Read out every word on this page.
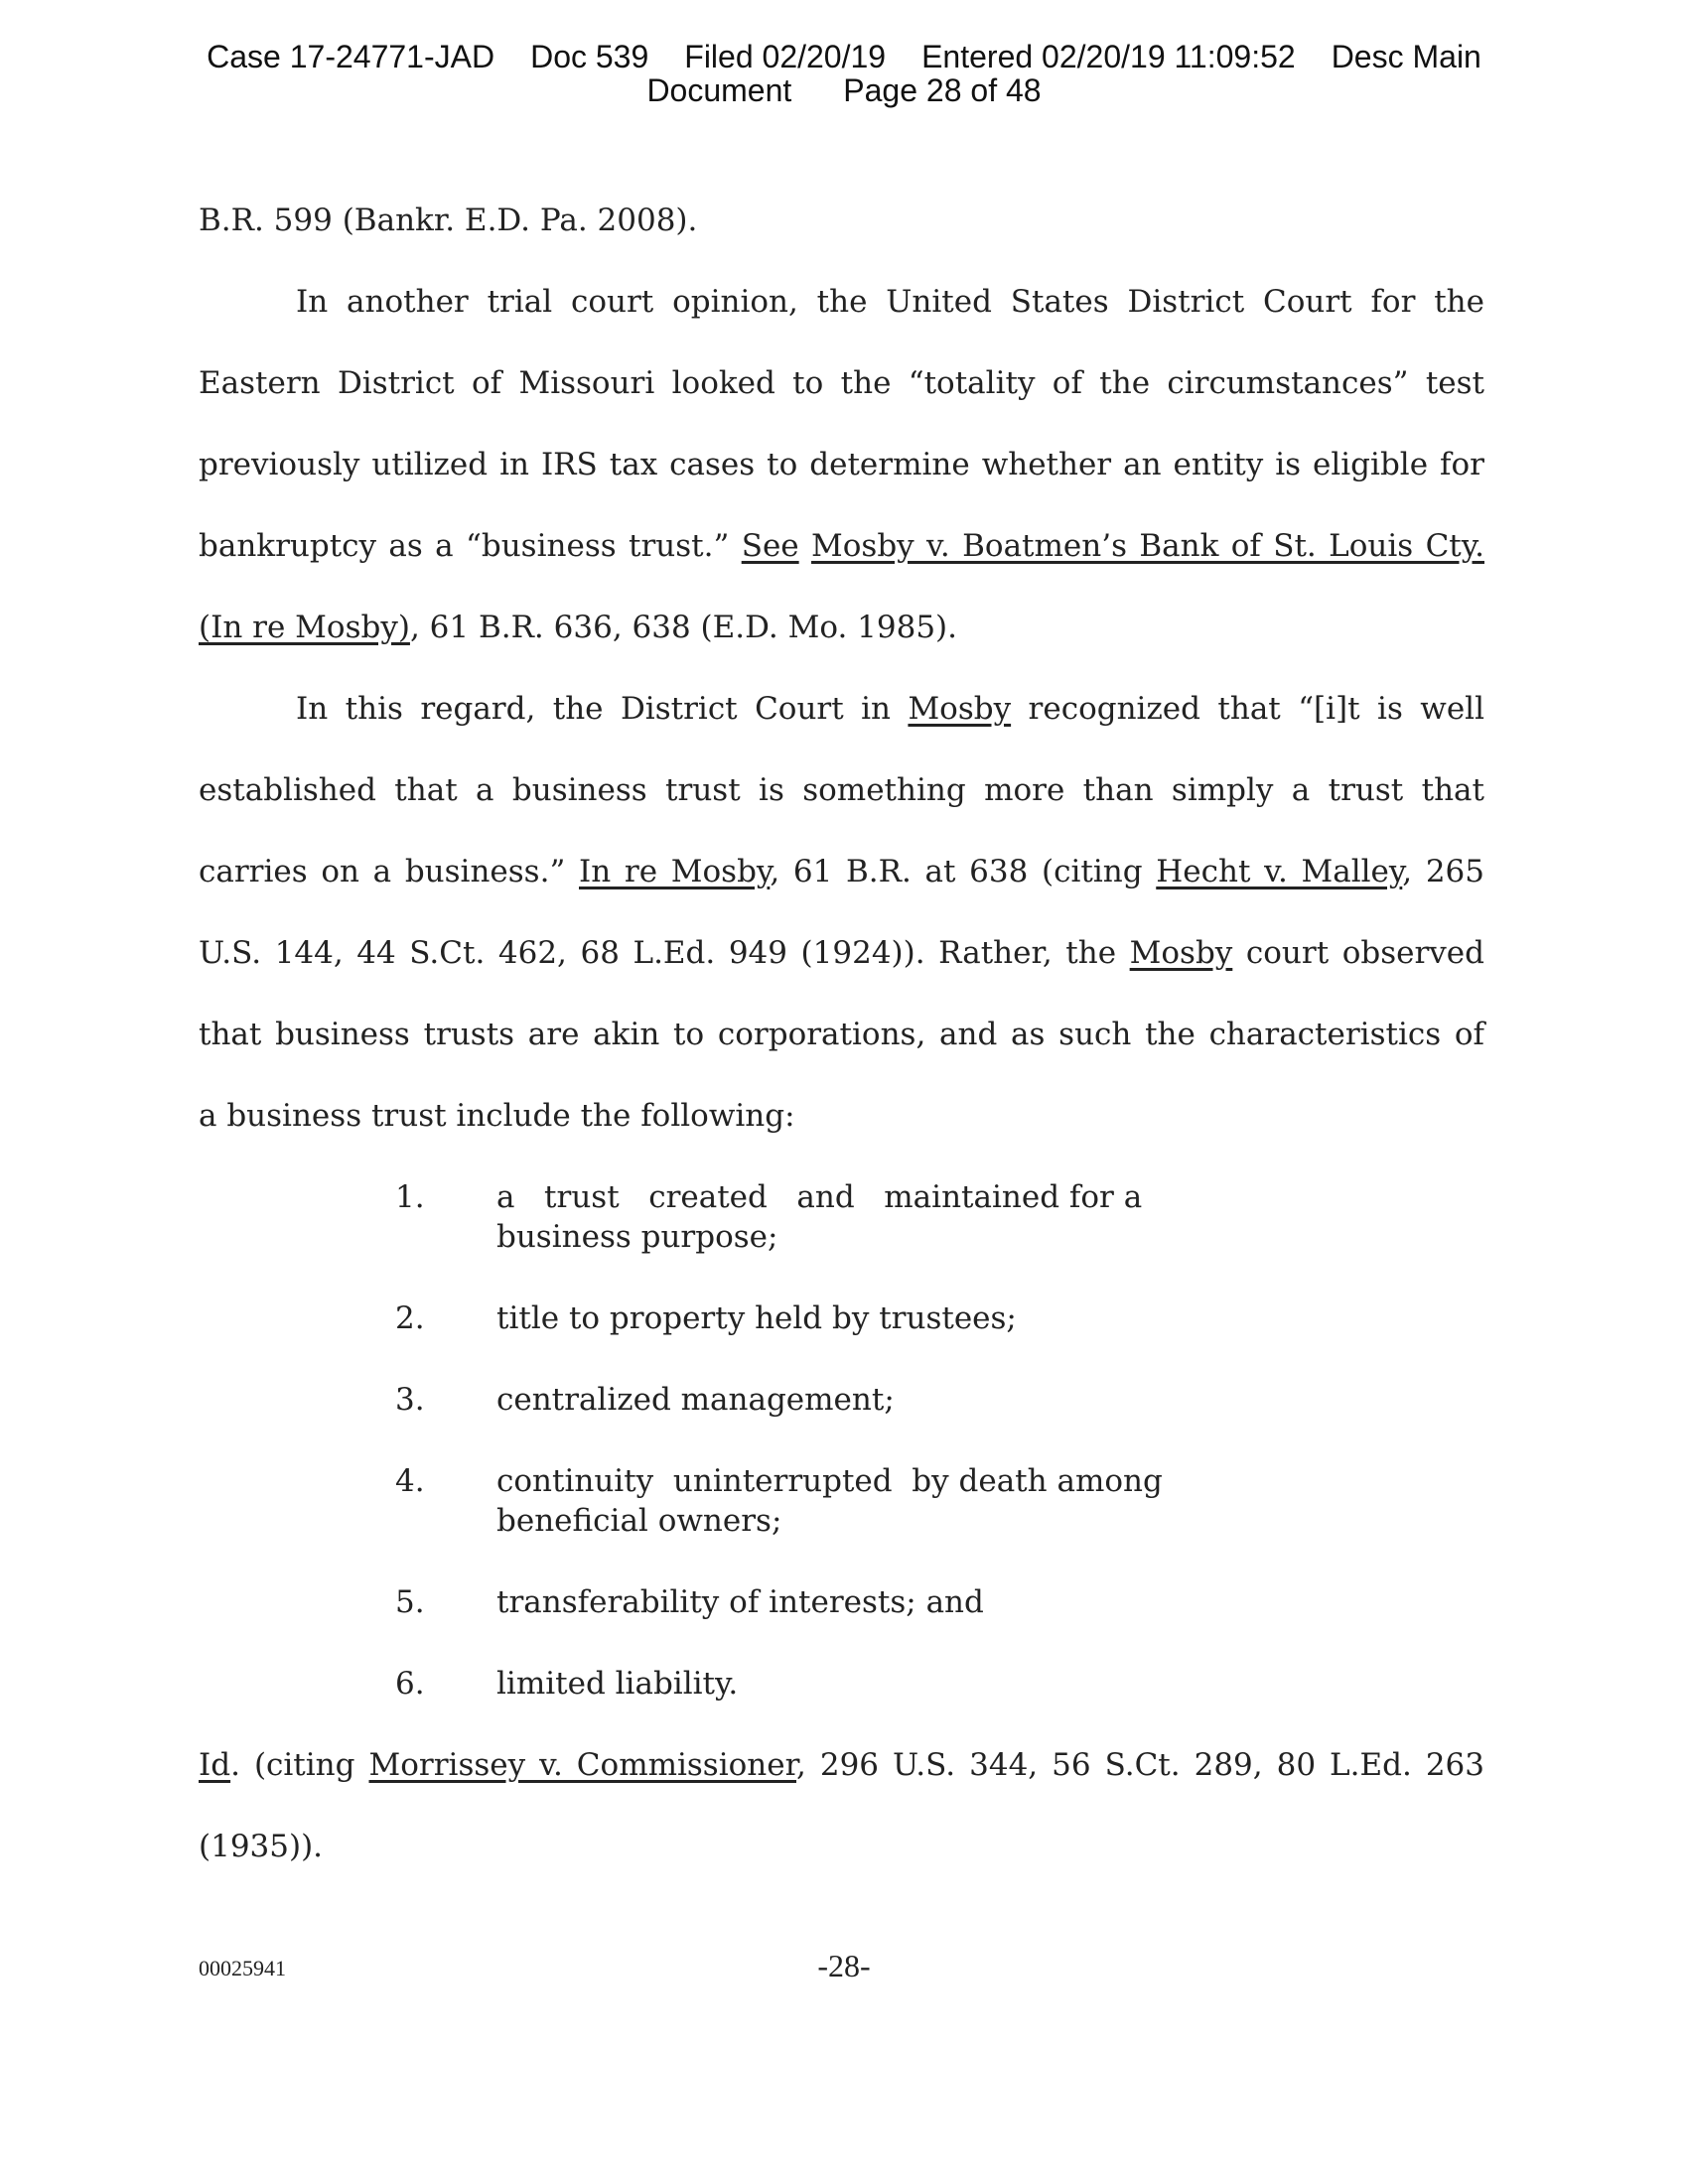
Case 17-24771-JAD Doc 539 Filed 02/20/19 Entered 02/20/19 11:09:52 Desc Main
Document Page 28 of 48
B.R. 599 (Bankr. E.D. Pa. 2008).
In another trial court opinion, the United States District Court for the
Eastern District of Missouri looked to the “totality of the circumstances” test
previously utilized in IRS tax cases to determine whether an entity is eligible for
bankruptcy as a “business trust.” See Mosby v. Boatmen’s Bank of St. Louis Cty.
(In re Mosby), 61 B.R. 636, 638 (E.D. Mo. 1985).
In this regard, the District Court in Mosby recognized that “[i]t is well
established that a business trust is something more than simply a trust that
carries on a business.” In re Mosby, 61 B.R. at 638 (citing Hecht v. Malley, 265
U.S. 144, 44 S.Ct. 462, 68 L.Ed. 949 (1924)). Rather, the Mosby court observed
that business trusts are akin to corporations, and as such the characteristics of
a business trust include the following:
1. a   trust   created   and   maintained for a
business purpose;
2. title to property held by trustees;
3. centralized management;
4. continuity  uninterrupted  by death among
beneficial owners;
5. transferability of interests; and
6. limited liability.
Id. (citing Morrissey v. Commissioner, 296 U.S. 344, 56 S.Ct. 289, 80 L.Ed. 263
(1935)).
00025941	-28-
